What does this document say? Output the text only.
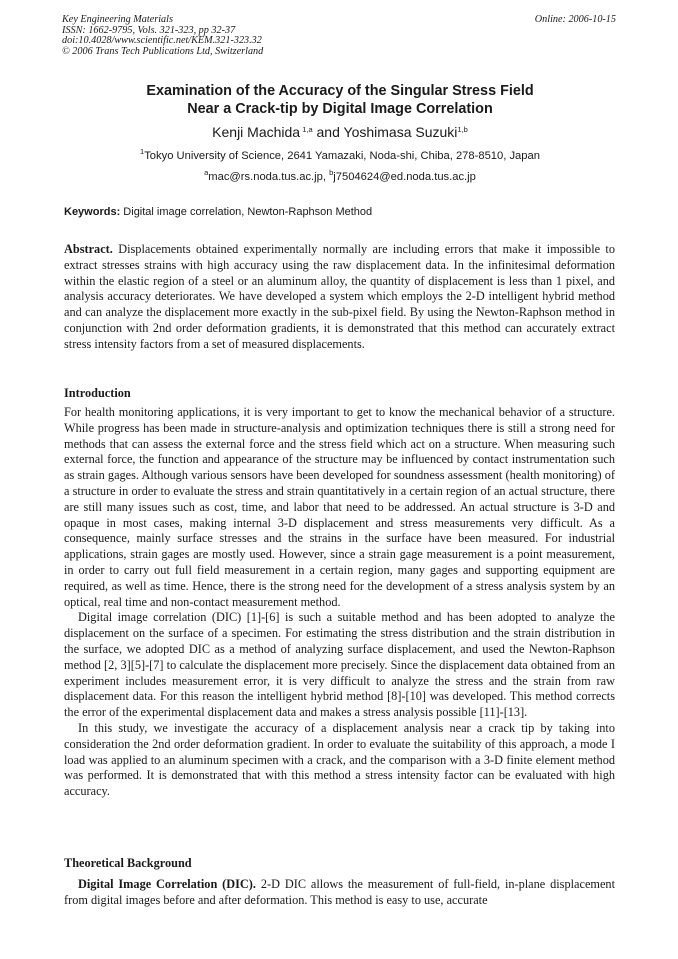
Key Engineering Materials
ISSN: 1662-9795, Vols. 321-323, pp 32-37
doi:10.4028/www.scientific.net/KEM.321-323.32
© 2006 Trans Tech Publications Ltd, Switzerland
Online: 2006-10-15
Examination of the Accuracy of the Singular Stress Field
Near a Crack-tip by Digital Image Correlation
Kenji Machida $^{1,a}$ and Yoshimasa Suzuki$^{1,b}$
$^1$Tokyo University of Science, 2641 Yamazaki, Noda-shi, Chiba, 278-8510, Japan
$^a$mac@rs.noda.tus.ac.jp, $^b$j7504624@ed.noda.tus.ac.jp
Keywords: Digital image correlation, Newton-Raphson Method
Abstract. Displacements obtained experimentally normally are including errors that make it impossible to extract stresses strains with high accuracy using the raw displacement data. In the infinitesimal deformation within the elastic region of a steel or an aluminum alloy, the quantity of displacement is less than 1 pixel, and analysis accuracy deteriorates. We have developed a system which employs the 2-D intelligent hybrid method and can analyze the displacement more exactly in the sub-pixel field. By using the Newton-Raphson method in conjunction with 2nd order deformation gradients, it is demonstrated that this method can accurately extract stress intensity factors from a set of measured displacements.
Introduction

For health monitoring applications, it is very important to get to know the mechanical behavior of a structure. While progress has been made in structure-analysis and optimization techniques there is still a strong need for methods that can assess the external force and the stress field which act on a structure. When measuring such external force, the function and appearance of the structure may be influenced by contact instrumentation such as strain gages. Although various sensors have been developed for soundness assessment (health monitoring) of a structure in order to evaluate the stress and strain quantitatively in a certain region of an actual structure, there are still many issues such as cost, time, and labor that need to be addressed. An actual structure is 3-D and opaque in most cases, making internal 3-D displacement and stress measurements very difficult. As a consequence, mainly surface stresses and the strains in the surface have been measured. For industrial applications, strain gages are mostly used. However, since a strain gage measurement is a point measurement, in order to carry out full field measurement in a certain region, many gages and supporting equipment are required, as well as time. Hence, there is the strong need for the development of a stress analysis system by an optical, real time and non-contact measurement method.

Digital image correlation (DIC) [1]-[6] is such a suitable method and has been adopted to analyze the displacement on the surface of a specimen. For estimating the stress distribution and the strain distribution in the surface, we adopted DIC as a method of analyzing surface displacement, and used the Newton-Raphson method [2, 3][5]-[7] to calculate the displacement more precisely. Since the displacement data obtained from an experiment includes measurement error, it is very difficult to analyze the stress and the strain from raw displacement data. For this reason the intelligent hybrid method [8]-[10] was developed. This method corrects the error of the experimental displacement data and makes a stress analysis possible [11]-[13].

In this study, we investigate the accuracy of a displacement analysis near a crack tip by taking into consideration the 2nd order deformation gradient. In order to evaluate the suitability of this approach, a mode I load was applied to an aluminum specimen with a crack, and the comparison with a 3-D finite element method was performed. It is demonstrated that with this method a stress intensity factor can be evaluated with high accuracy.

Theoretical Background

Digital Image Correlation (DIC). 2-D DIC allows the measurement of full-field, in-plane displacement from digital images before and after deformation. This method is easy to use, accurate
